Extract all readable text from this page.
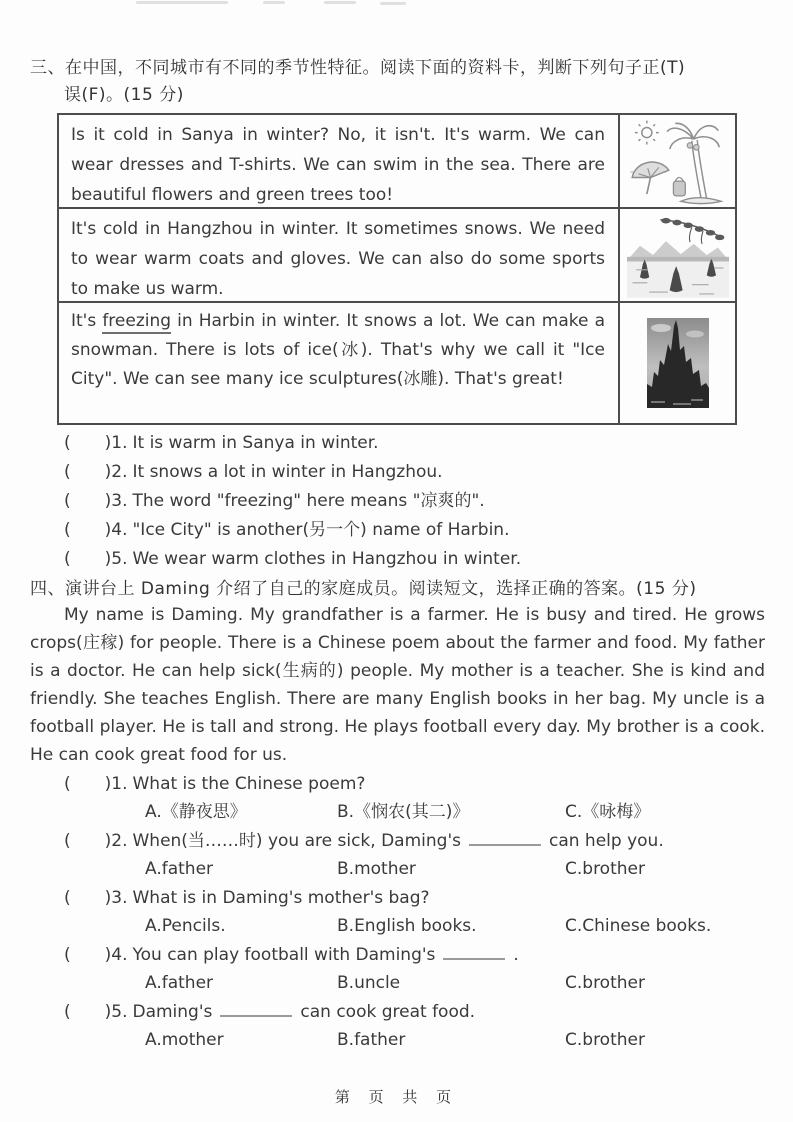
三、在中国，不同城市有不同的季节性特征。阅读下面的资料卡，判断下列句子正(T)
误(F)。(15 分)
Is it cold in Sanya in winter? No, it isn't. It's warm. We can wear dresses and T-shirts. We can swim in the sea. There are beautiful flowers and green trees too!
It's cold in Hangzhou in winter. It sometimes snows. We need to wear warm coats and gloves. We can also do some sports to make us warm.
It's freezing in Harbin in winter. It snows a lot. We can make a snowman. There is lots of ice(冰). That's why we call it "Ice City". We can see many ice sculptures(冰雕). That's great!
(　　)1. It is warm in Sanya in winter.
(　　)2. It snows a lot in winter in Hangzhou.
(　　)3. The word "freezing" here means "凉爽的".
(　　)4. "Ice City" is another(另一个) name of Harbin.
(　　)5. We wear warm clothes in Hangzhou in winter.
四、演讲台上 Daming 介绍了自己的家庭成员。阅读短文，选择正确的答案。(15 分)
My name is Daming. My grandfather is a farmer. He is busy and tired. He grows crops(庄稼) for people. There is a Chinese poem about the farmer and food. My father is a doctor. He can help sick(生病的) people. My mother is a teacher. She is kind and friendly. She teaches English. There are many English books in her bag. My uncle is a football player. He is tall and strong. He plays football every day. My brother is a cook. He can cook great food for us.
(　　)1. What is the Chinese poem?
A.《静夜思》	B.《悯农(其二)》	C.《咏梅》
(　　)2. When(当……时) you are sick, Daming's	can help you.
A.father	B.mother	C.brother
(　　)3. What is in Daming's mother's bag?
A.Pencils.	B.English books.	C.Chinese books.
(　　)4. You can play football with Daming's	.
A.father	B.uncle	C.brother
(　　)5. Daming's	can cook great food.
A.mother	B.father	C.brother
第 页 共 页
